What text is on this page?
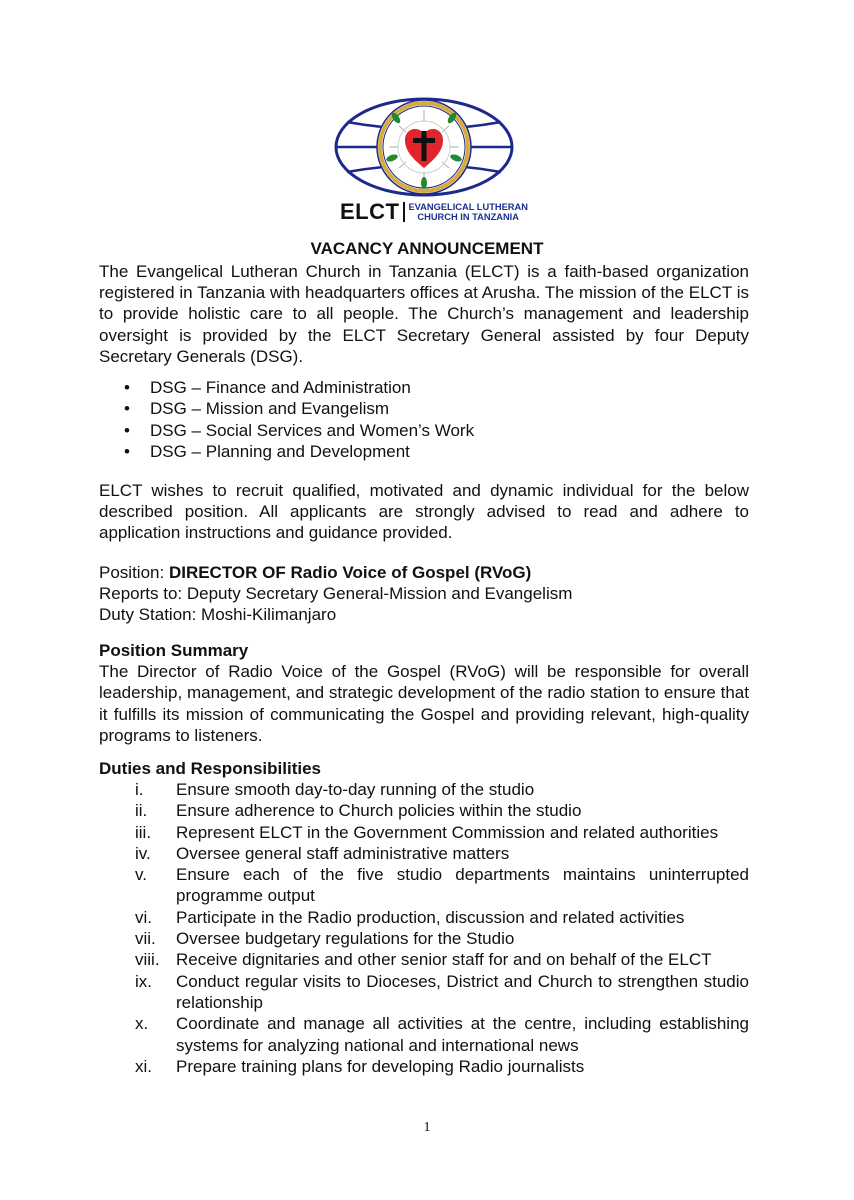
ELCT EVANGELICAL LUTHERAN
CHURCH IN TANZANIA
VACANCY ANNOUNCEMENT

The Evangelical Lutheran Church in Tanzania (ELCT) is a faith-based organization registered in Tanzania with headquarters offices at Arusha. The mission of the ELCT is to provide holistic care to all people. The Church’s management and leadership oversight is provided by the ELCT Secretary General assisted by four Deputy Secretary Generals (DSG).

• DSG – Finance and Administration
• DSG – Mission and Evangelism
• DSG – Social Services and Women’s Work
• DSG – Planning and Development

ELCT wishes to recruit qualified, motivated and dynamic individual for the below described position. All applicants are strongly advised to read and adhere to application instructions and guidance provided.

Position: DIRECTOR OF Radio Voice of Gospel (RVoG)

Reports to: Deputy Secretary General-Mission and Evangelism

Duty Station: Moshi-Kilimanjaro

Position Summary

The Director of Radio Voice of the Gospel (RVoG) will be responsible for overall leadership, management, and strategic development of the radio station to ensure that it fulfills its mission of communicating the Gospel and providing relevant, high-quality programs to listeners.

Duties and Responsibilities

i.	Ensure smooth day-to-day running of the studio
ii.	Ensure adherence to Church policies within the studio
iii.	Represent ELCT in the Government Commission and related authorities
iv.	Oversee general staff administrative matters
v.	Ensure each of the five studio departments maintains uninterrupted programme output
vi.	Participate in the Radio production, discussion and related activities
vii.	Oversee budgetary regulations for the Studio
viii. Receive dignitaries and other senior staff for and on behalf of the ELCT
ix.	Conduct regular visits to Dioceses, District and Church to strengthen studio relationship
x.	Coordinate and manage all activities at the centre, including establishing systems for analyzing national and international news
xi.	Prepare training plans for developing Radio journalists
1
